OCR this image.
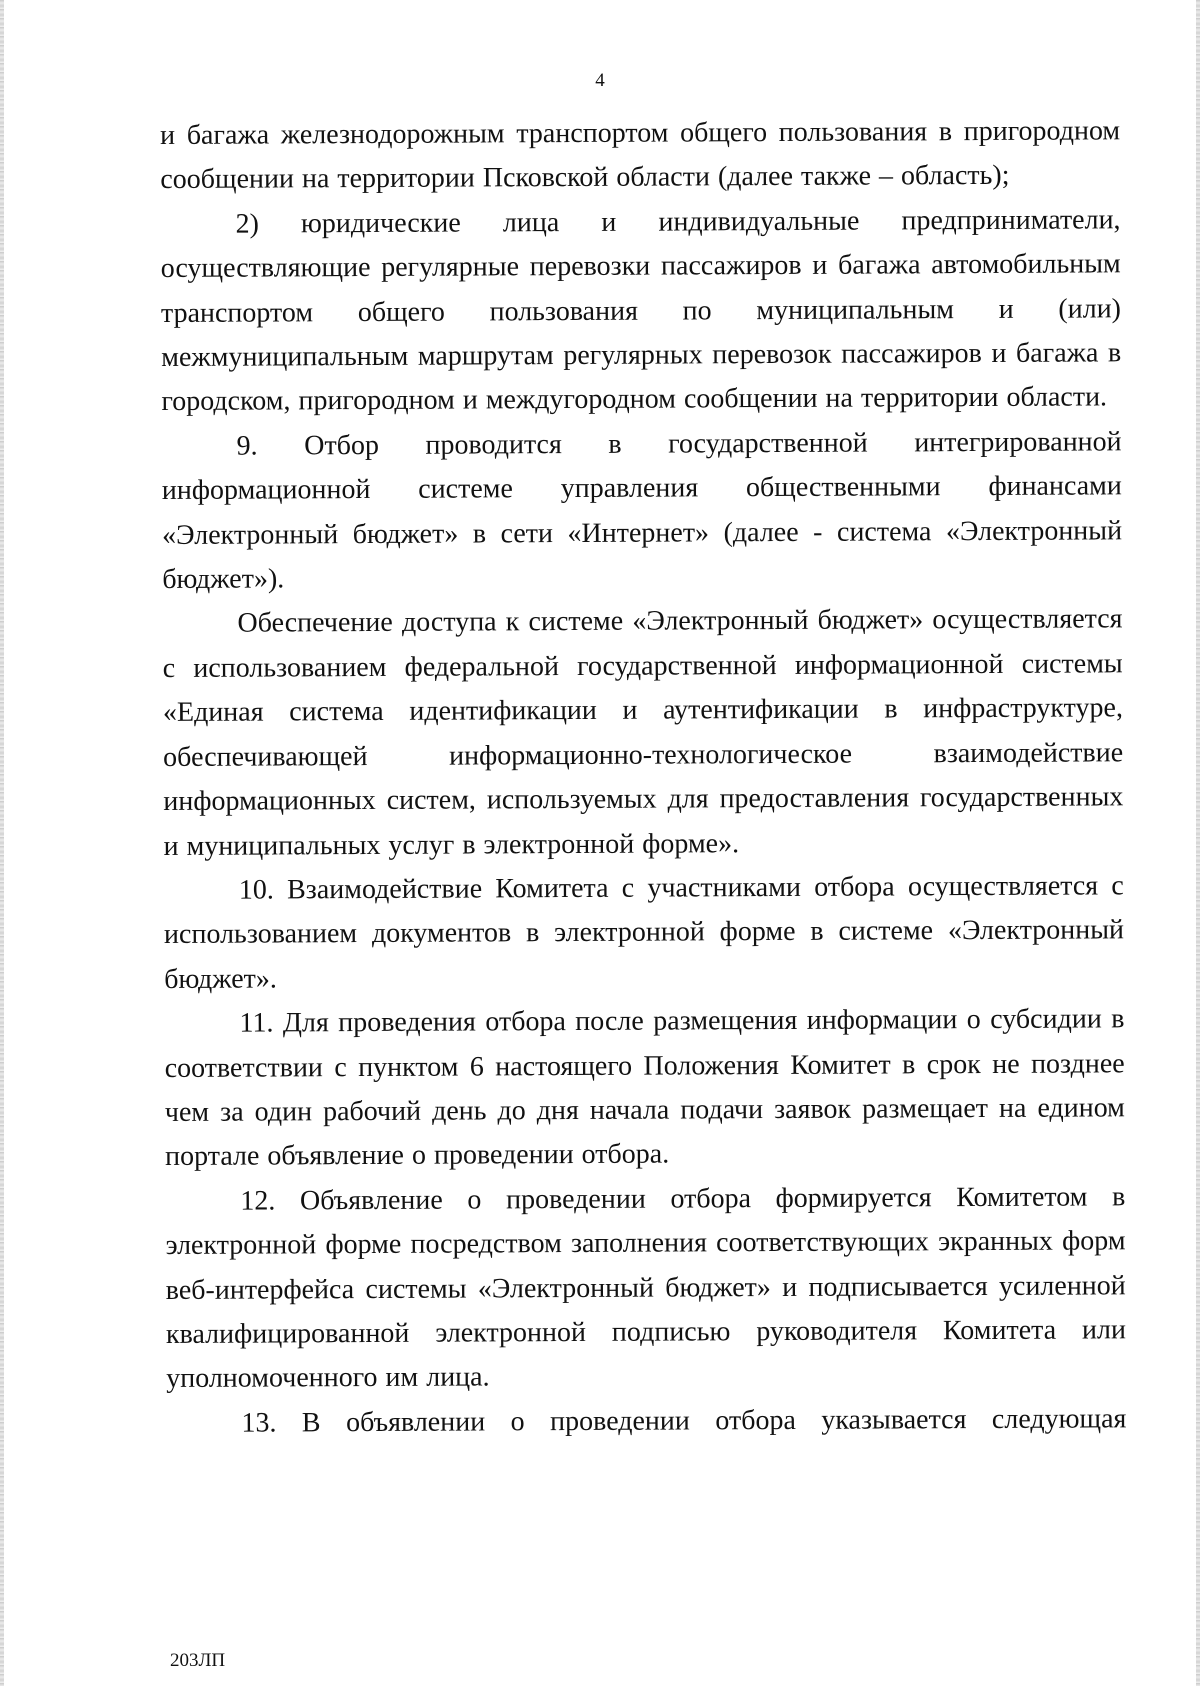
4

и багажа железнодорожным транспортом общего пользования в пригородном сообщении на территории Псковской области (далее также – область);

2) юридические лица и индивидуальные предприниматели, осуществляющие регулярные перевозки пассажиров и багажа автомобильным транспортом общего пользования по муниципальным и (или) межмуниципальным маршрутам регулярных перевозок пассажиров и багажа в городском, пригородном и междугородном сообщении на территории области.

9. Отбор проводится в государственной интегрированной информационной системе управления общественными финансами «Электронный бюджет» в сети «Интернет» (далее - система «Электронный бюджет»).

Обеспечение доступа к системе «Электронный бюджет» осуществляется с использованием федеральной государственной информационной системы «Единая система идентификации и аутентификации в инфраструктуре, обеспечивающей информационно-технологическое взаимодействие информационных систем, используемых для предоставления государственных и муниципальных услуг в электронной форме».

10. Взаимодействие Комитета с участниками отбора осуществляется с использованием документов в электронной форме в системе «Электронный бюджет».

11. Для проведения отбора после размещения информации о субсидии в соответствии с пунктом 6 настоящего Положения Комитет в срок не позднее чем за один рабочий день до дня начала подачи заявок размещает на едином портале объявление о проведении отбора.

12. Объявление о проведении отбора формируется Комитетом в электронной форме посредством заполнения соответствующих экранных форм веб-интерфейса системы «Электронный бюджет» и подписывается усиленной квалифицированной электронной подписью руководителя Комитета или уполномоченного им лица.

13. В объявлении о проведении отбора указывается следующая

203ЛП
